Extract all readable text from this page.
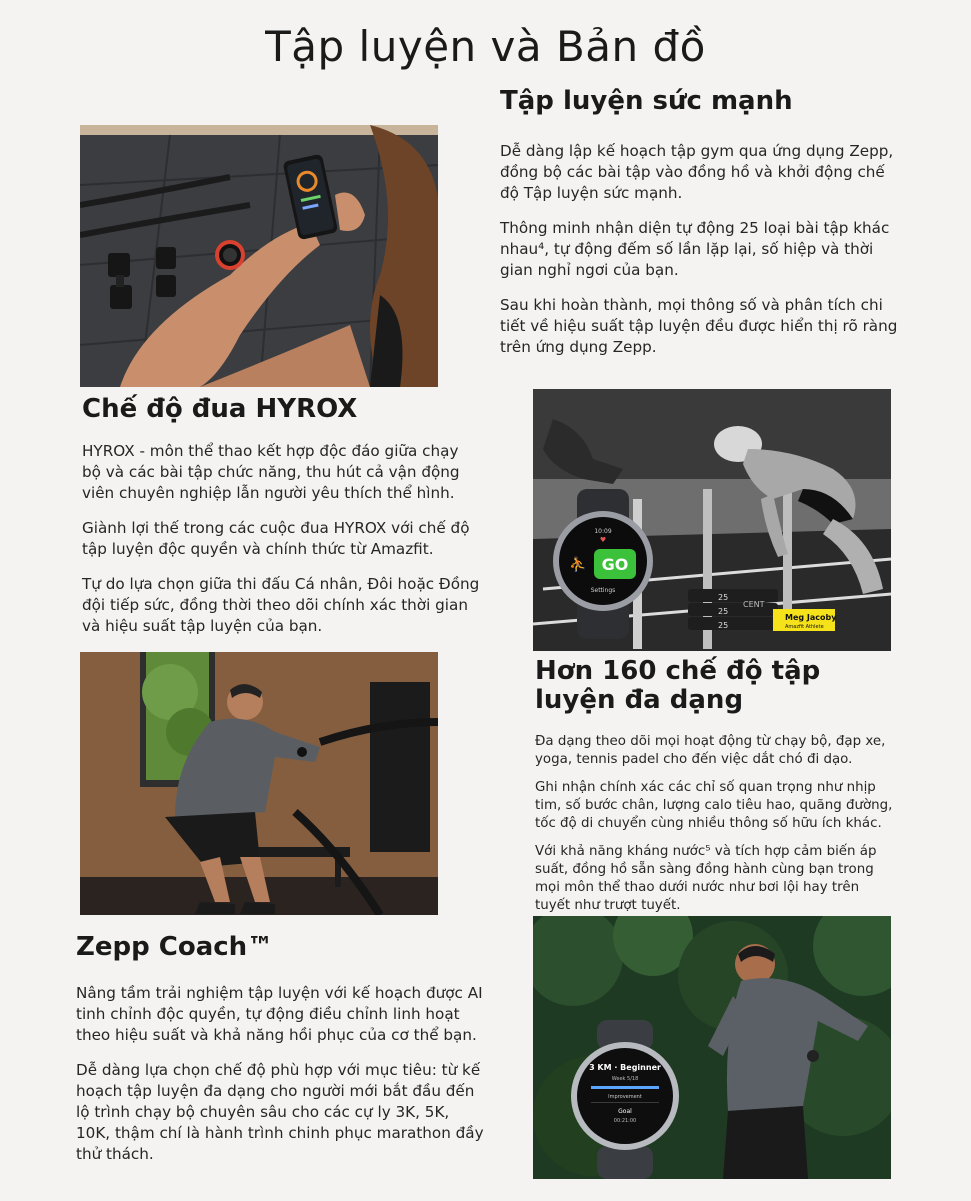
Tập luyện và Bản đồ
Tập luyện sức mạnh

Dễ dàng lập kế hoạch tập gym qua ứng dụng Zepp, đồng bộ các bài tập vào đồng hồ và khởi động chế độ Tập luyện sức mạnh.

Thông minh nhận diện tự động 25 loại bài tập khác nhau⁴, tự động đếm số lần lặp lại, số hiệp và thời gian nghỉ ngơi của bạn.

Sau khi hoàn thành, mọi thông số và phân tích chi tiết về hiệu suất tập luyện đều được hiển thị rõ ràng trên ứng dụng Zepp.

Chế độ đua HYROX

HYROX - môn thể thao kết hợp độc đáo giữa chạy bộ và các bài tập chức năng, thu hút cả vận động viên chuyên nghiệp lẫn người yêu thích thể hình.

Giành lợi thế trong các cuộc đua HYROX với chế độ tập luyện độc quyền và chính thức từ Amazfit.

Tự do lựa chọn giữa thi đấu Cá nhân, Đôi hoặc Đồng đội tiếp sức, đồng thời theo dõi chính xác thời gian và hiệu suất tập luyện của bạn.

25
25
25
CENT
10:09
♥
GO
⛹
Settings
Meg Jacoby
Amazfit Athlete
Hơn 160 chế độ tập luyện đa dạng

Đa dạng theo dõi mọi hoạt động từ chạy bộ, đạp xe, yoga, tennis padel cho đến việc dắt chó đi dạo.

Ghi nhận chính xác các chỉ số quan trọng như nhịp tim, số bước chân, lượng calo tiêu hao, quãng đường, tốc độ di chuyển cùng nhiều thông số hữu ích khác.

Với khả năng kháng nước⁵ và tích hợp cảm biến áp suất, đồng hồ sẵn sàng đồng hành cùng bạn trong mọi môn thể thao dưới nước như bơi lội hay trên tuyết như trượt tuyết.

Zepp Coach™

Nâng tầm trải nghiệm tập luyện với kế hoạch được AI tinh chỉnh độc quyền, tự động điều chỉnh linh hoạt theo hiệu suất và khả năng hồi phục của cơ thể bạn.

Dễ dàng lựa chọn chế độ phù hợp với mục tiêu: từ kế hoạch tập luyện đa dạng cho người mới bắt đầu đến lộ trình chạy bộ chuyên sâu cho các cự ly 3K, 5K, 10K, thậm chí là hành trình chinh phục marathon đầy thử thách.

3 KM · Beginner
Week 5/18
Improvement
Goal
00:21:00
